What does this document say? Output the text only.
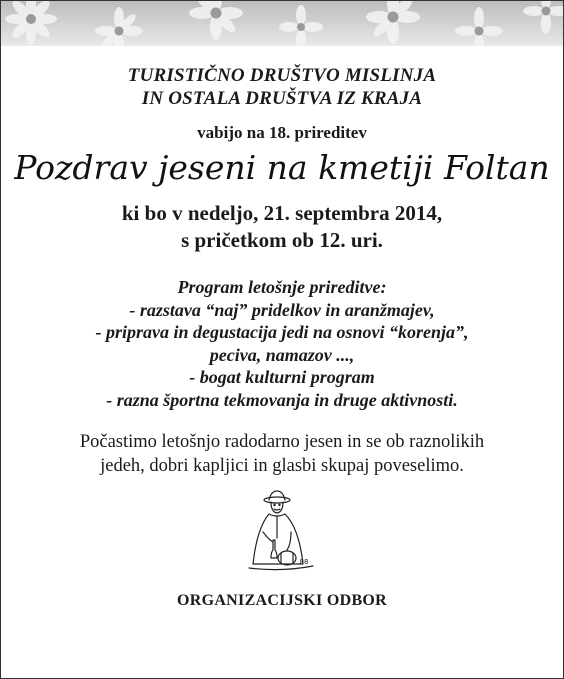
TURISTIČNO DRUŠTVO MISLINJA
IN OSTALA DRUŠTVA IZ KRAJA
vabijo na 18. prireditev
Pozdrav jeseni na kmetiji Foltan
ki bo v nedeljo, 21. septembra 2014,
s pričetkom ob 12. uri.
Program letošnje prireditve:
- razstava “naj” pridelkov in aranžmajev,
- priprava in degustacija jedi na osnovi “korenja”,
peciva, namazov ...,
- bogat kulturni program
- razna športna tekmovanja in druge aktivnosti.
Počastimo letošnjo radodarno jesen in se ob raznolikih
jedeh, dobri kapljici in glasbi skupaj poveselimo.
$^{88}$
ORGANIZACIJSKI ODBOR
